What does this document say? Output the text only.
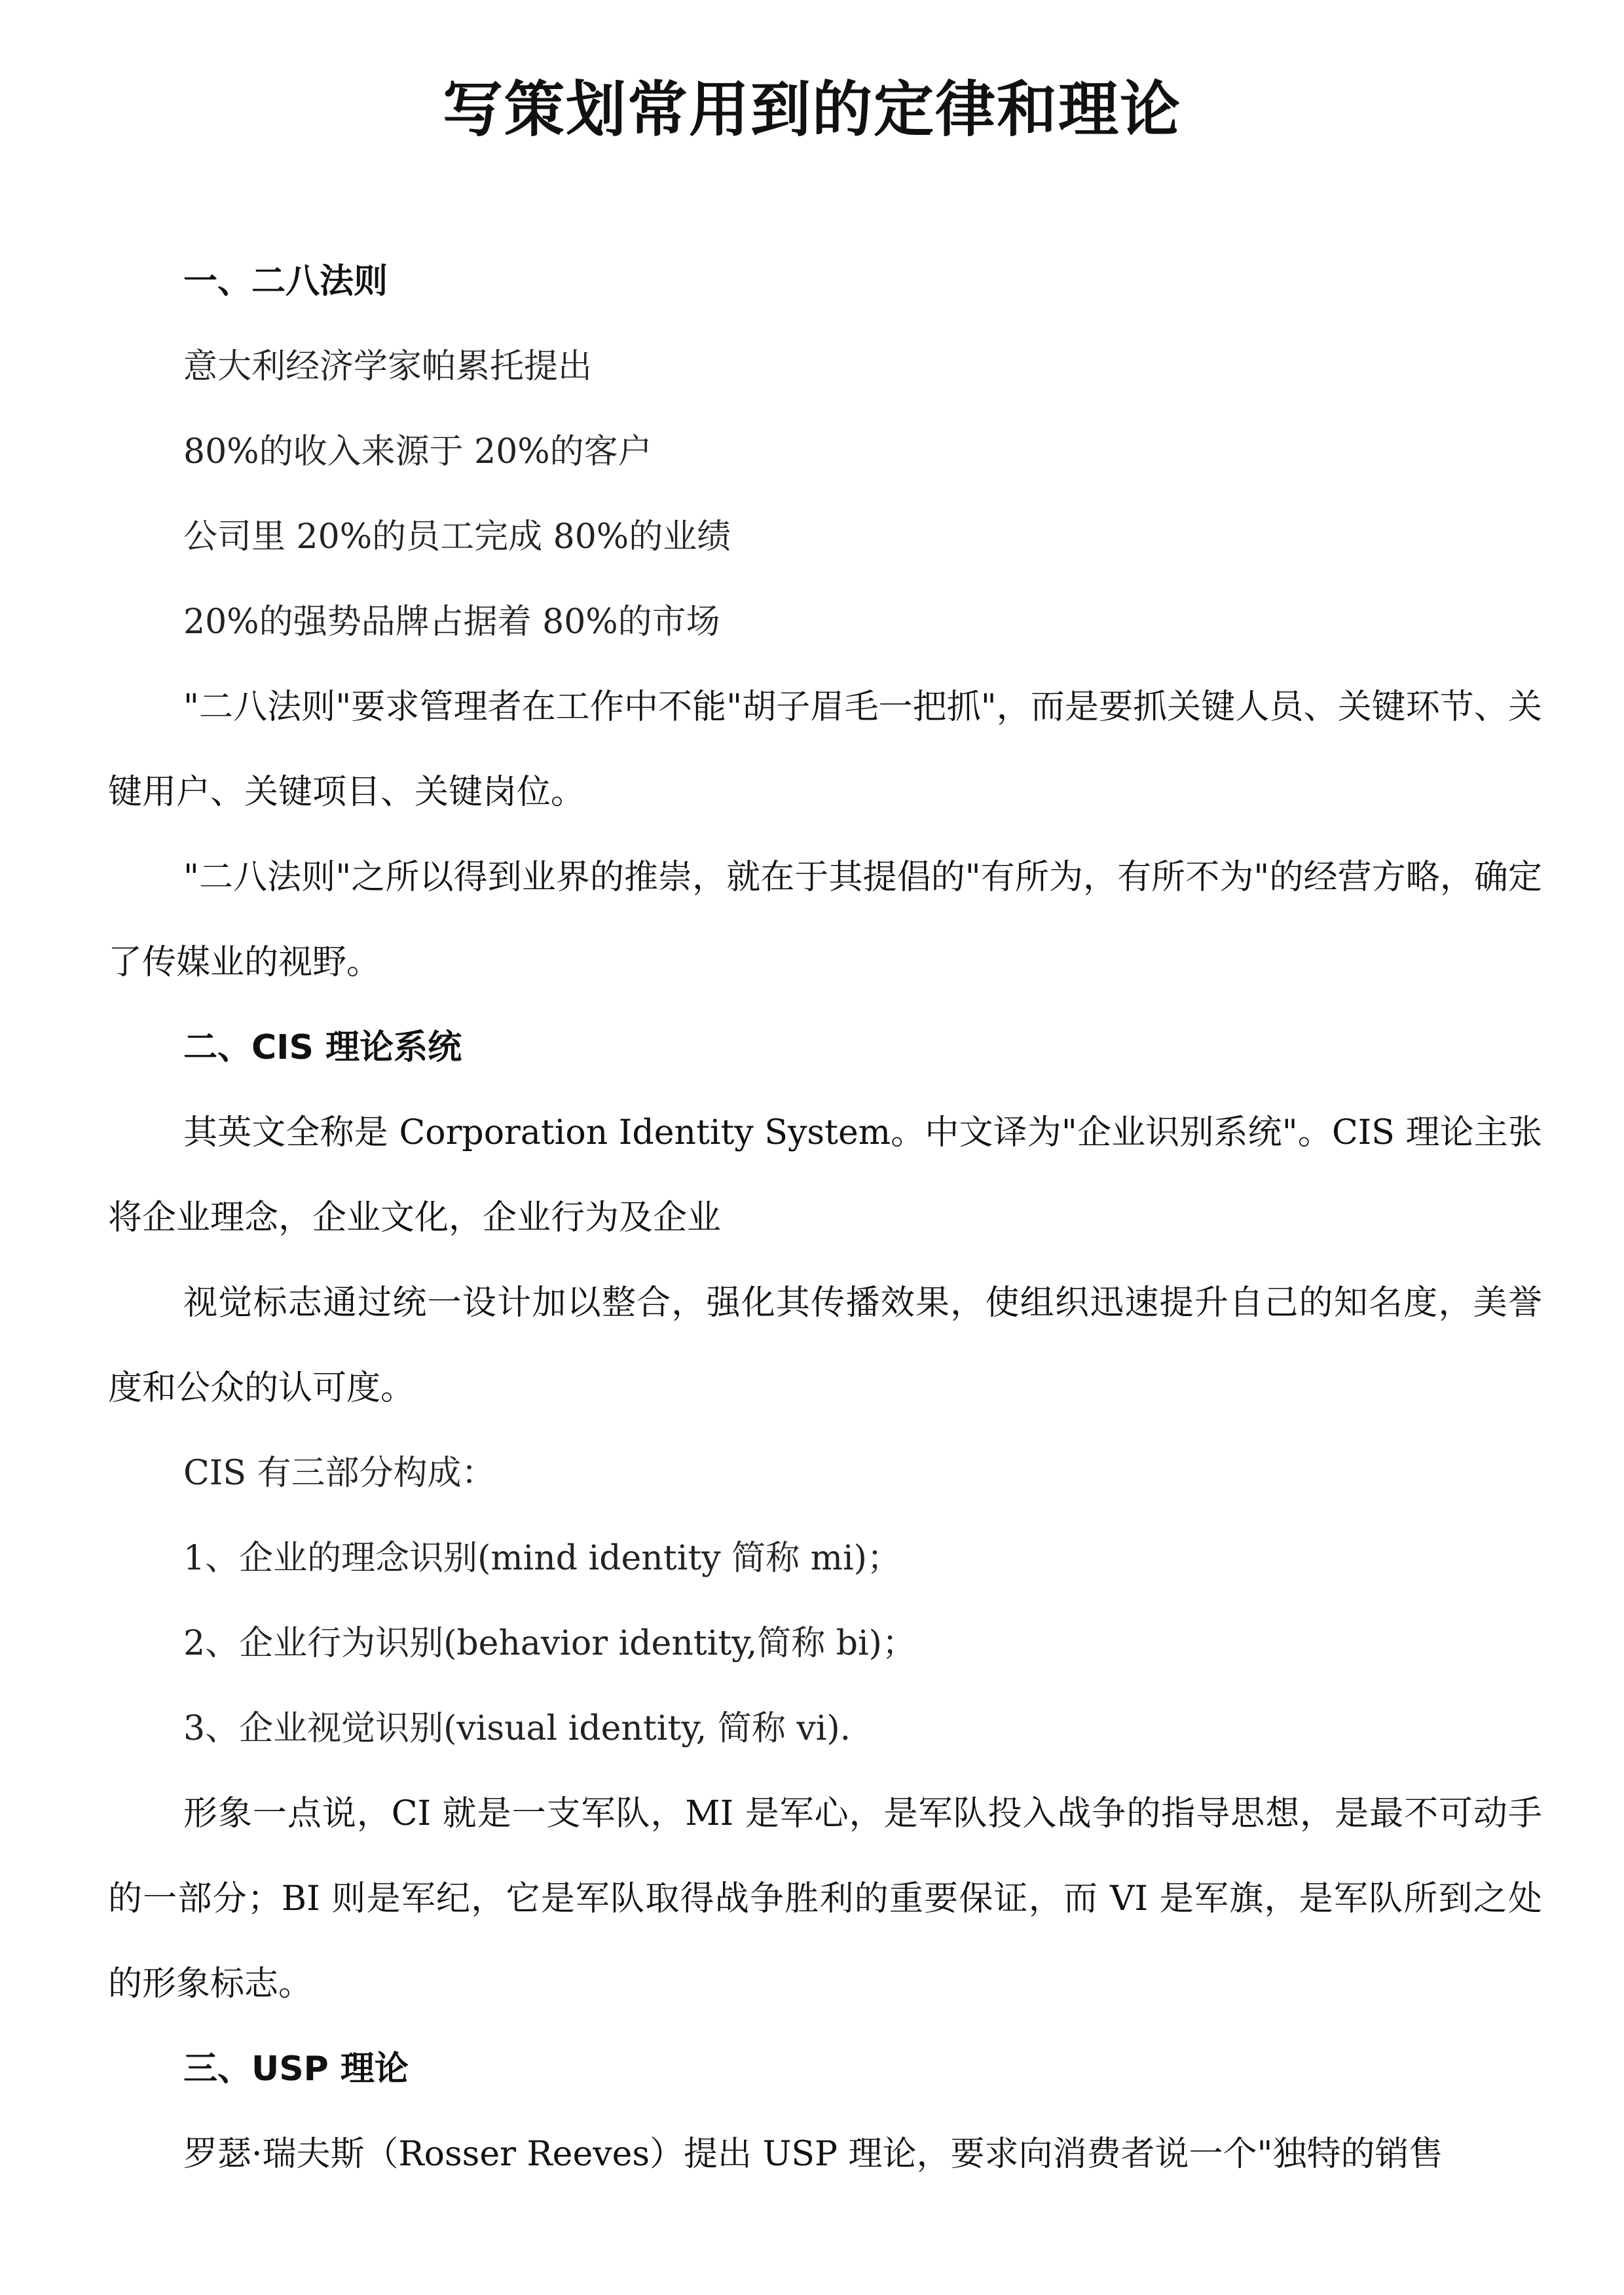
写策划常用到的定律和理论

一、二八法则

意大利经济学家帕累托提出

80%的收入来源于 20%的客户

公司里 20%的员工完成 80%的业绩

20%的强势品牌占据着 80%的市场

"二八法则"要求管理者在工作中不能"胡子眉毛一把抓"，而是要抓关键人员、关键环节、关键用户、关键项目、关键岗位。

"二八法则"之所以得到业界的推崇，就在于其提倡的"有所为，有所不为"的经营方略，确定了传媒业的视野。

二、CIS 理论系统

其英文全称是 Corporation Identity System。中文译为"企业识别系统"。CIS 理论主张将企业理念，企业文化，企业行为及企业

视觉标志通过统一设计加以整合，强化其传播效果，使组织迅速提升自己的知名度，美誉度和公众的认可度。

CIS 有三部分构成：

1、企业的理念识别(mind identity 简称 mi)；

2、企业行为识别(behavior identity,简称 bi)；

3、企业视觉识别(visual identity, 简称 vi).

形象一点说，CI 就是一支军队，MI 是军心，是军队投入战争的指导思想，是最不可动手的一部分；BI 则是军纪，它是军队取得战争胜利的重要保证，而 VI 是军旗，是军队所到之处的形象标志。

三、USP 理论

罗瑟·瑞夫斯（Rosser Reeves）提出 USP 理论，要求向消费者说一个"独特的销售
